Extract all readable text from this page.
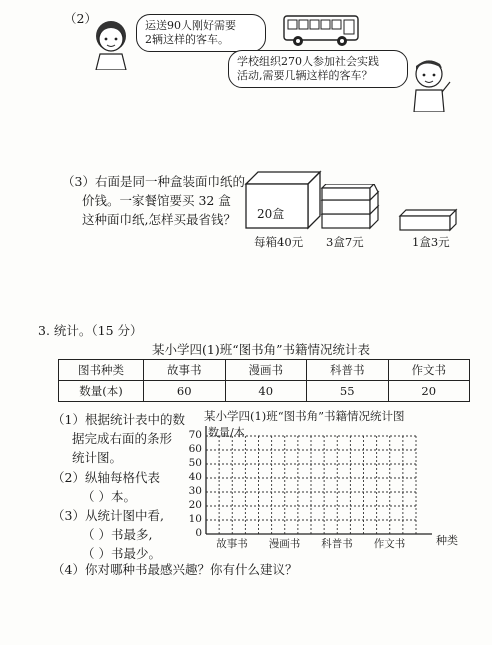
（2）	运送90人刚好需要
2辆这样的客车。
学校组织270人参加社会实践
活动,需要几辆这样的客车？
（3）右面是同一种盒装面巾纸的
价钱。一家餐馆要买 32 盒
这种面巾纸,怎样买最省钱？	20盒
每箱40元 3盒7元	1盒3元
3. 统计。（15 分）
某小学四(1)班“图书角”书籍情况统计表
图书种类	故事书	漫画书	科普书	作文书
数量(本)	60	40	55	20
（1）根据统计表中的数
据完成右面的条形
统计图。
（2）纵轴每格代表
（ ）本。
（3）从统计图中看,
（ ）书最多,
（ ）书最少。
（4）你对哪种书最感兴趣？你有什么建议？
某小学四(1)班“图书角”书籍情况统计图
数量/本
0
10
20
30
40
50
60
70
故事书 漫画书 科普书 作文书	种类
